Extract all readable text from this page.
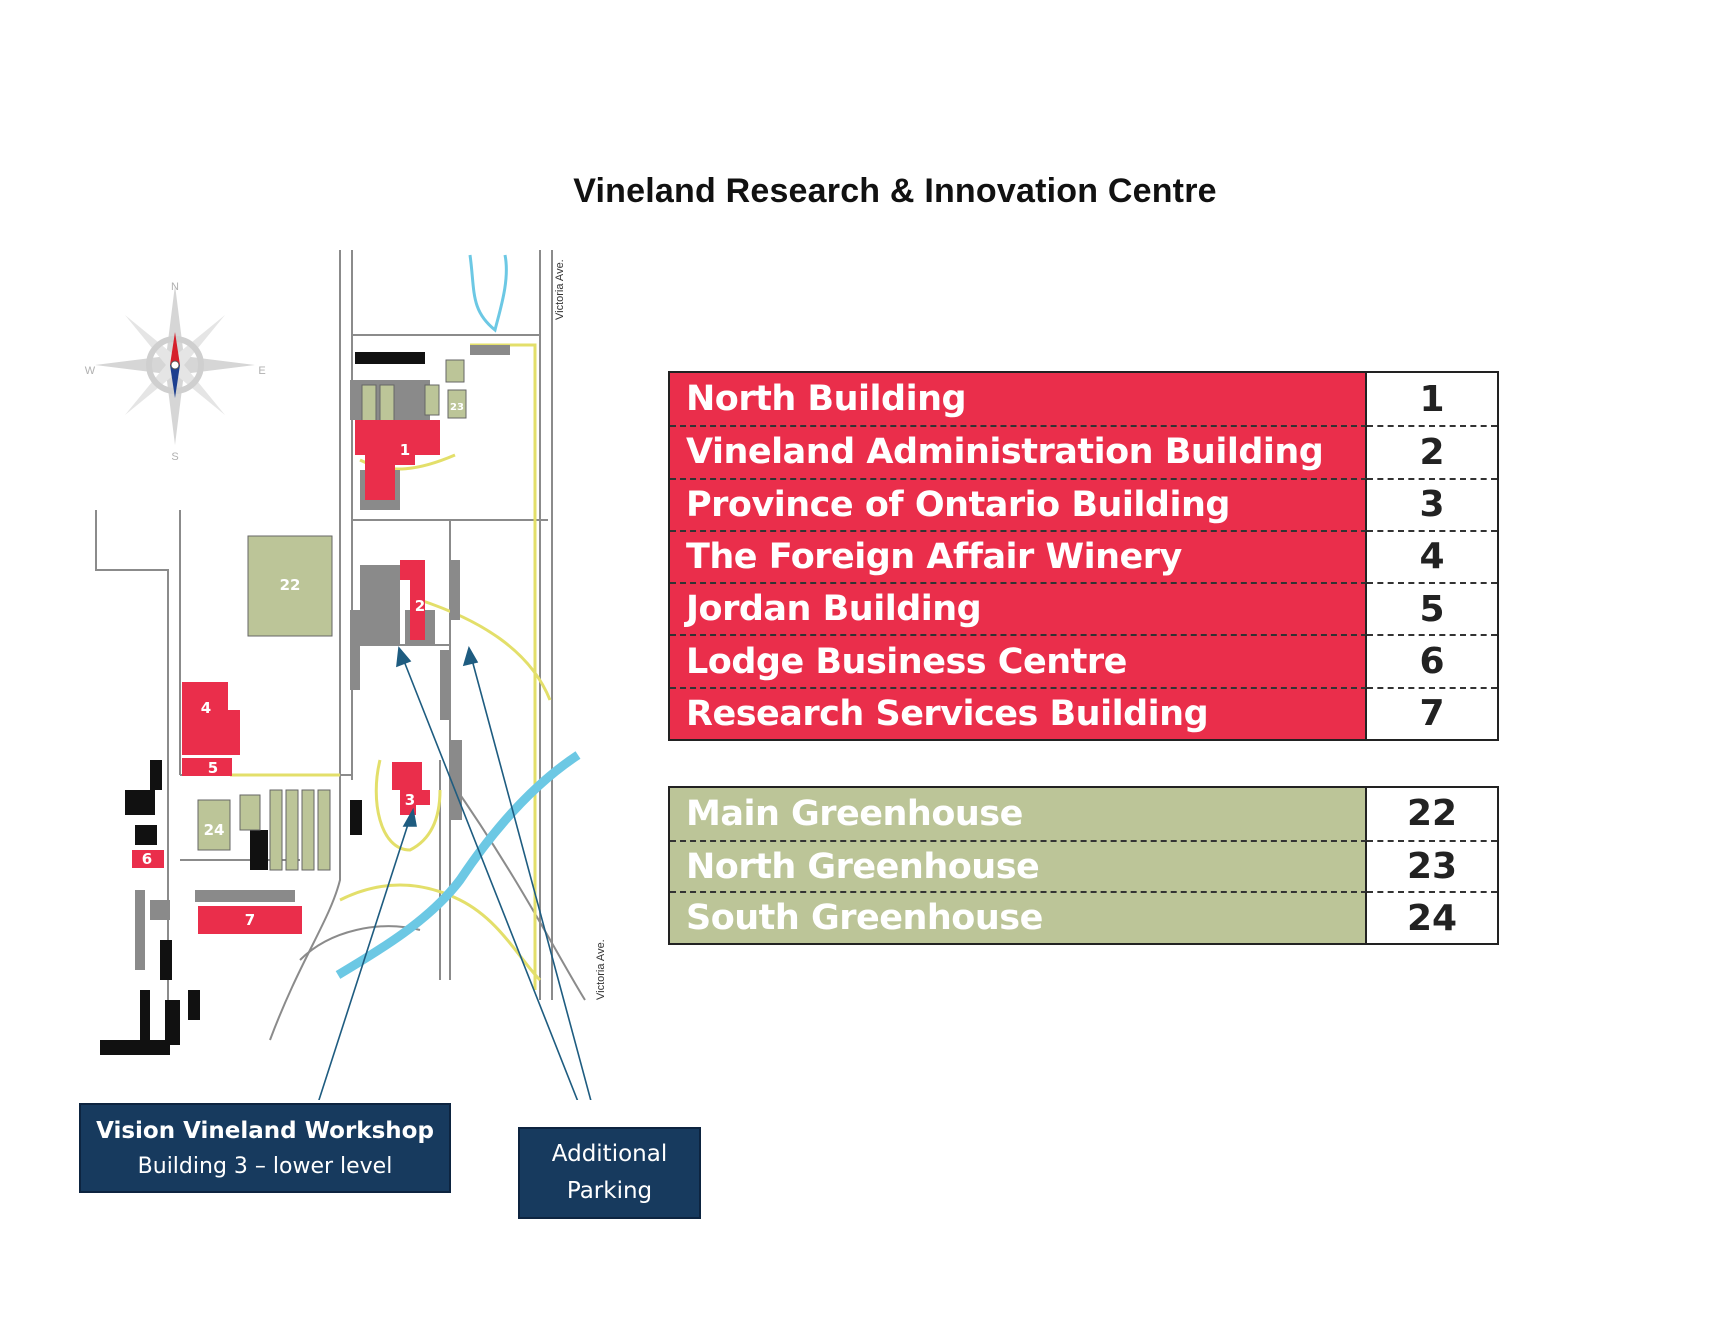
Vineland Research & Innovation Centre
1
2
3
4
5
6
7
22
23
24
Victoria Ave.
Victoria Ave.
N
S
E
W
North Building	1
Vineland Administration Building	2
Province of Ontario Building	3
The Foreign Affair Winery	4
Jordan Building	5
Lodge Business Centre	6
Research Services Building	7
Main Greenhouse	22
North Greenhouse	23
South Greenhouse	24
Vision Vineland Workshop
Building 3 – lower level	Additional
Parking
